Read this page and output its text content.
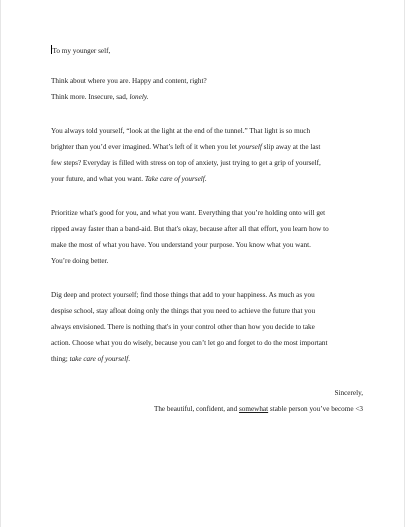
To my younger self,
Think about where you are. Happy and content, right?
Think more. Insecure, sad, lonely.
You always told yourself, “look at the light at the end of the tunnel.” That light is so much
brighter than you’d ever imagined. What’s left of it when you let yourself slip away at the last
few steps? Everyday is filled with stress on top of anxiety, just trying to get a grip of yourself,
your future, and what you want. Take care of yourself.
Prioritize what's good for you, and what you want. Everything that you’re holding onto will get
ripped away faster than a band-aid. But that's okay, because after all that effort, you learn how to
make the most of what you have. You understand your purpose. You know what you want.
You’re doing better.
Dig deep and protect yourself; find those things that add to your happiness. As much as you
despise school, stay afloat doing only the things that you need to achieve the future that you
always envisioned. There is nothing that's in your control other than how you decide to take
action. Choose what you do wisely, because you can’t let go and forget to do the most important
thing; take care of yourself.
Sincerely,
The beautiful, confident, and somewhat stable person you’ve become <3
